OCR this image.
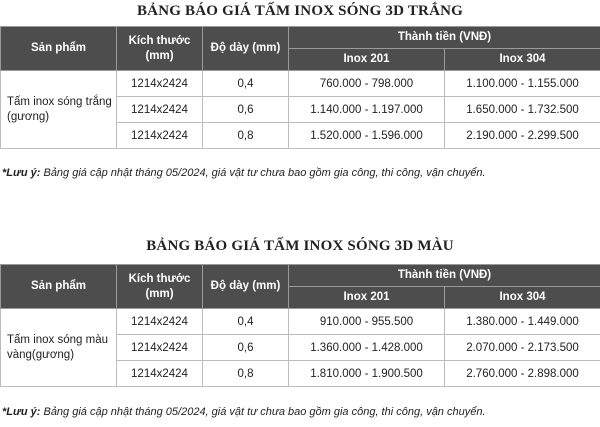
BẢNG BÁO GIÁ TẤM INOX SÓNG 3D TRẮNG
Sản phẩm	Kích thước (mm)	Độ dày (mm)	Thành tiền (VNĐ)	
			Inox 201	Inox 304
Tấm inox sóng trắng (gương)	1214x2424	0,4	760.000 - 798.000	1.100.000 - 1.155.000
	1214x2424	0,6	1.140.000 - 1.197.000	1.650.000 - 1.732.500
	1214x2424	0,8	1.520.000 - 1.596.000	2.190.000 - 2.299.500
*Lưu ý: Bảng giá cập nhật tháng 05/2024, giá vật tư chưa bao gồm gia công, thi công, vận chuyển.
BẢNG BÁO GIÁ TẤM INOX SÓNG 3D MÀU
Sản phẩm	Kích thước (mm)	Độ dày (mm)	Thành tiền (VNĐ)	
			Inox 201	Inox 304
Tấm inox sóng màu vàng(gương)	1214x2424	0,4	910.000 - 955.500	1.380.000 - 1.449.000
	1214x2424	0,6	1.360.000 - 1.428.000	2.070.000 - 2.173.500
	1214x2424	0,8	1.810.000 - 1.900.500	2.760.000 - 2.898.000
*Lưu ý: Bảng giá cập nhật tháng 05/2024, giá vật tư chưa bao gồm gia công, thi công, vận chuyển.
